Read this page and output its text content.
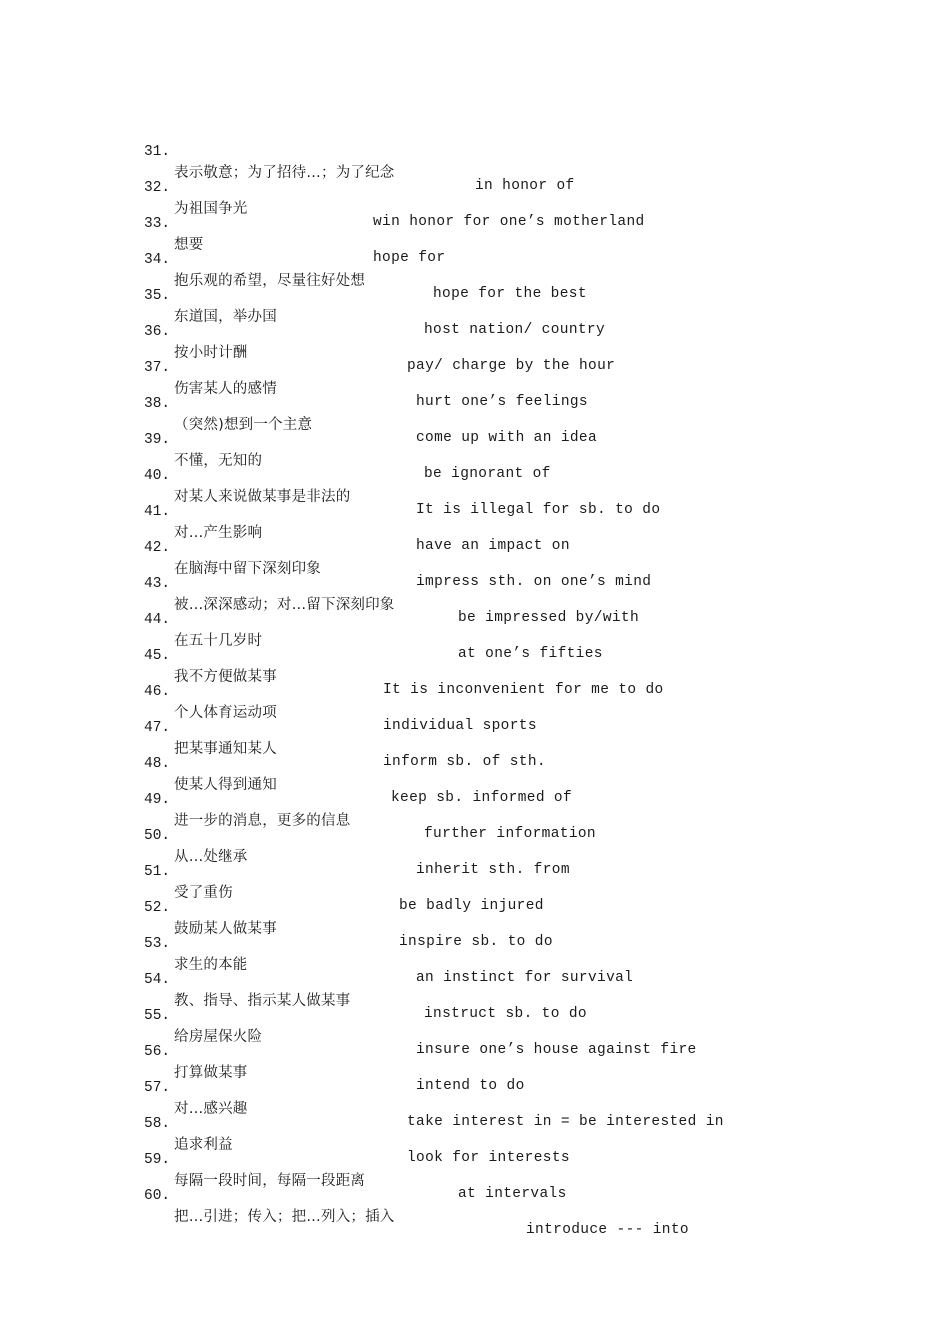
31.

表示敬意；为了招待…；为了纪念

in honor of

32.

为祖国争光

win honor for one’s motherland

33.

想要

hope for

34.

抱乐观的希望，尽量往好处想

hope for the best

35.

东道国，举办国

host nation/ country

36.

按小时计酬

pay/ charge by the hour

37.

伤害某人的感情

hurt one’s feelings

38.

（突然)想到一个主意

come up with an idea

39.

不懂，无知的

be ignorant of

40.

对某人来说做某事是非法的

It is illegal for sb. to do

41.

对…产生影响

have an impact on

42.

在脑海中留下深刻印象

impress sth. on one’s mind

43.

被…深深感动；对…留下深刻印象

be impressed by/with

44.

在五十几岁时

at one’s fifties

45.

我不方便做某事

It is inconvenient for me to do

46.

个人体育运动项

individual sports

47.

把某事通知某人

inform sb. of sth.

48.

使某人得到通知

keep sb. informed of

49.

进一步的消息，更多的信息

further information

50.

从…处继承

inherit sth. from

51.

受了重伤

be badly injured

52.

鼓励某人做某事

inspire sb. to do

53.

求生的本能

an instinct for survival

54.

教、指导、指示某人做某事

instruct sb. to do

55.

给房屋保火险

insure one’s house against fire

56.

打算做某事

intend to do

57.

对…感兴趣

take interest in = be interested in

58.

追求利益

look for interests

59.

每隔一段时间，每隔一段距离

at intervals

60.

把…引进；传入；把…列入；插入

introduce --- into
